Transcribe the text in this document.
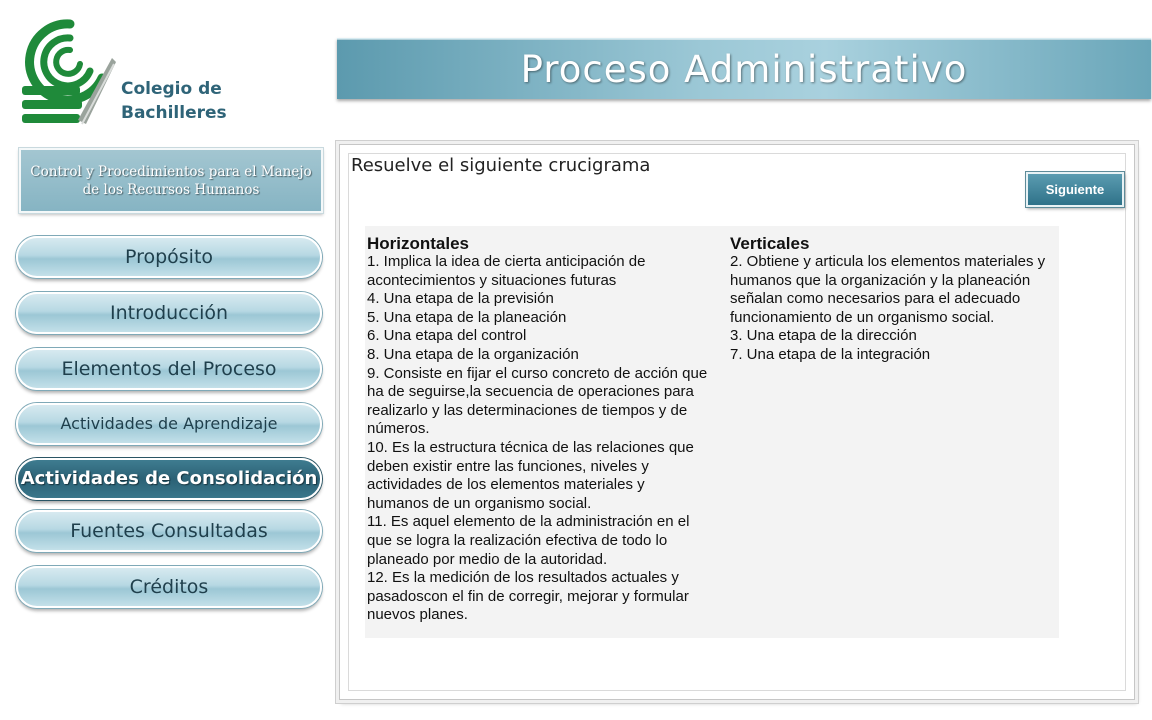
Colegio de
Bachilleres
Proceso Administrativo
Control y Procedimientos para el Manejo de los Recursos Humanos
Propósito
Introducción
Elementos del Proceso
Actividades de Aprendizaje
Actividades de Consolidación
Fuentes Consultadas
Créditos
Resuelve el siguiente crucigrama
Siguiente
Horizontales

1. Implica la idea de cierta anticipación de

acontecimientos y situaciones futuras

4. Una etapa de la previsión

5. Una etapa de la planeación

6. Una etapa del control

8. Una etapa de la organización

9. Consiste en fijar el curso concreto de acción que

ha de seguirse,la secuencia de operaciones para

realizarlo y las determinaciones de tiempos y de

números.

10. Es la estructura técnica de las relaciones que

deben existir entre las funciones, niveles y

actividades de los elementos materiales y

humanos de un organismo social.

11. Es aquel elemento de la administración en el

que se logra la realización efectiva de todo lo

planeado por medio de la autoridad.

12. Es la medición de los resultados actuales y

pasadoscon el fin de corregir, mejorar y formular

nuevos planes.

Verticales

2. Obtiene y articula los elementos materiales y

humanos que la organización y la planeación

señalan como necesarios para el adecuado

funcionamiento de un organismo social.

3. Una etapa de la dirección

7. Una etapa de la integración
